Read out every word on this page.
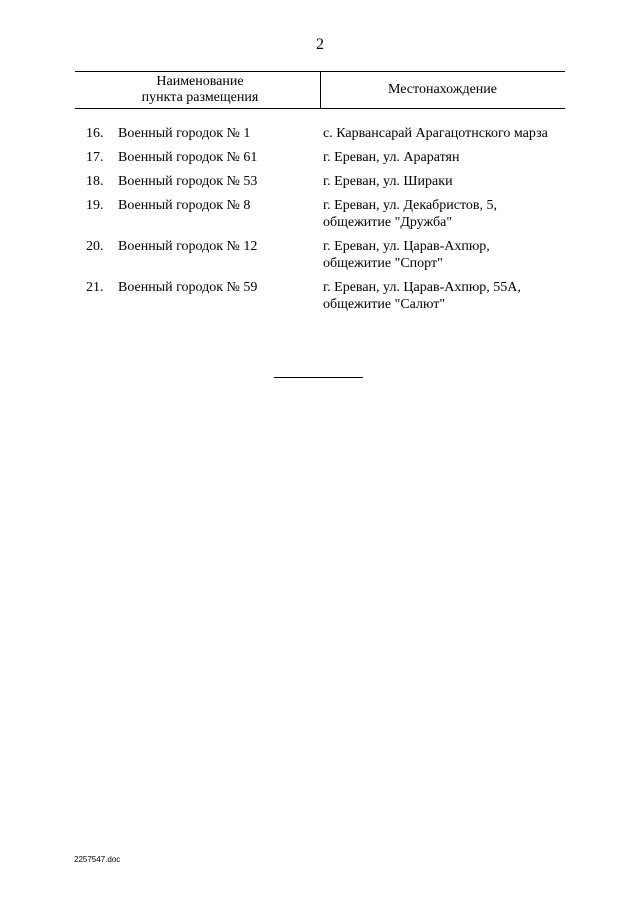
2
Наименование
пункта размещения
Местонахождение
16. Военный городок № 1	с. Карвансарай Арагацотнского марза
17. Военный городок № 61	г. Ереван, ул. Араратян
18. Военный городок № 53	г. Ереван, ул. Шираки
19. Военный городок № 8	г. Ереван, ул. Декабристов, 5,
общежитие "Дружба"
20. Военный городок № 12	г. Ереван, ул. Царав-Ахпюр,
общежитие "Спорт"
21. Военный городок № 59	г. Ереван, ул. Царав-Ахпюр, 55А,
общежитие "Салют"
2257547.doc
